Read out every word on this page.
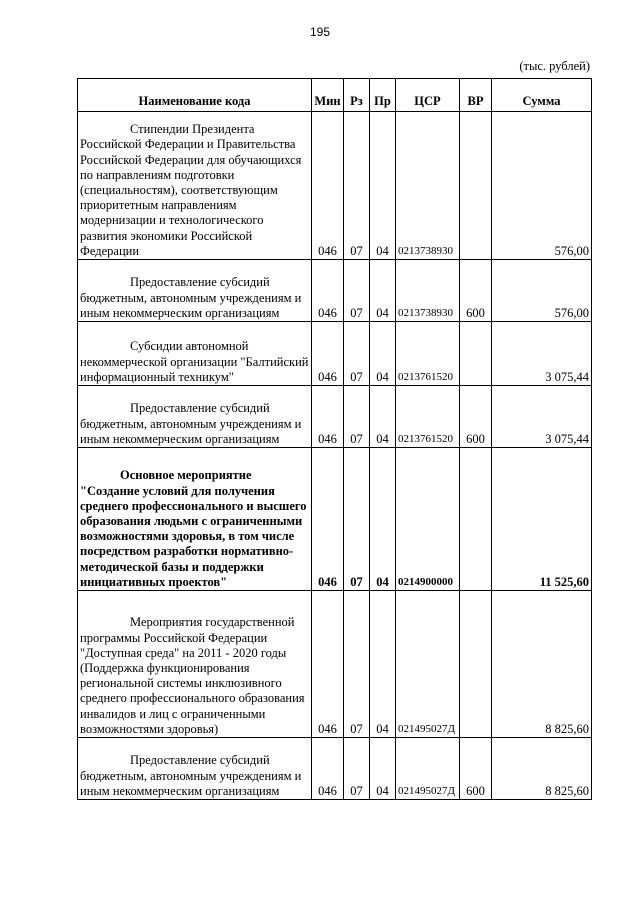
195
(тыс. рублей)
Наименование кода	Мин	Рз	Пр	ЦСР	ВР	Сумма
Стипендии Президента Российской Федерации и Правительства Российской Федерации для обучающихся по направлениям подготовки (специальностям), соответствующим приоритетным направлениям модернизации и технологического развития экономики Российской Федерации	046	07	04	0213738930		576,00
Предоставление субсидий бюджетным, автономным учреждениям и иным некоммерческим организациям	046	07	04	0213738930	600	576,00
Субсидии автономной некоммерческой организации "Балтийский информационный техникум"	046	07	04	0213761520		3 075,44
Предоставление субсидий бюджетным, автономным учреждениям и иным некоммерческим организациям	046	07	04	0213761520	600	3 075,44
Основное мероприятие "Создание условий для получения среднего профессионального и высшего образования людьми с ограниченными возможностями здоровья, в том числе посредством разработки нормативно-методической базы и поддержки инициативных проектов"	046	07	04	0214900000		11 525,60
Мероприятия государственной программы Российской Федерации "Доступная среда" на 2011 - 2020 годы (Поддержка функционирования региональной системы инклюзивного среднего профессионального образования инвалидов и лиц с ограниченными возможностями здоровья)	046	07	04	021495027Д		8 825,60
Предоставление субсидий бюджетным, автономным учреждениям и иным некоммерческим организациям	046	07	04	021495027Д	600	8 825,60
